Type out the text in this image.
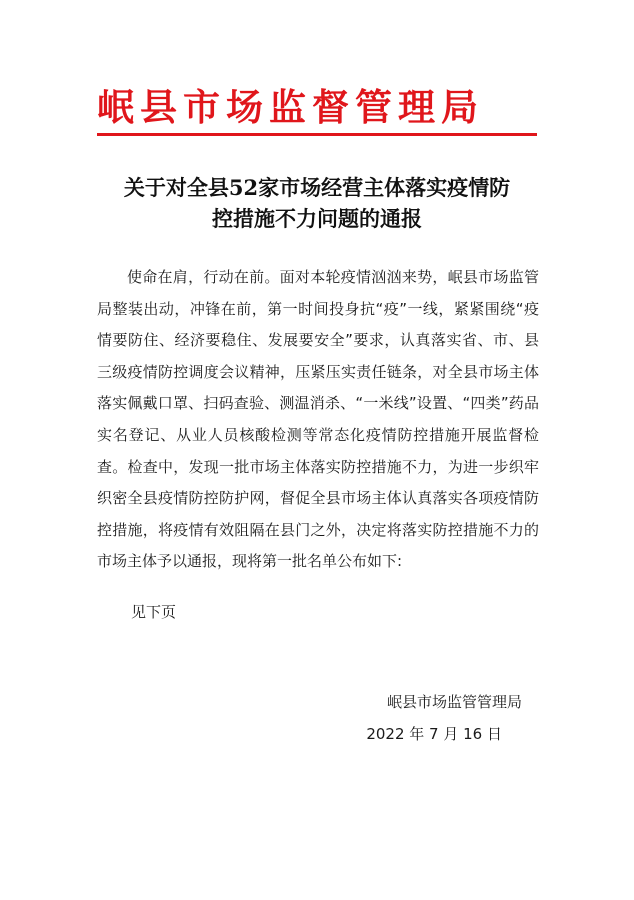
岷县市场监督管理局
关于对全县52家市场经营主体落实疫情防
控措施不力问题的通报

使命在肩，行动在前。面对本轮疫情汹汹来势，岷县市场监管局整装出动，冲锋在前，第一时间投身抗“疫”一线，紧紧围绕“疫情要防住、经济要稳住、发展要安全”要求，认真落实省、市、县三级疫情防控调度会议精神，压紧压实责任链条，对全县市场主体落实佩戴口罩、扫码查验、测温消杀、“一米线”设置、“四类”药品实名登记、从业人员核酸检测等常态化疫情防控措施开展监督检查。检查中，发现一批市场主体落实防控措施不力，为进一步织牢织密全县疫情防控防护网，督促全县市场主体认真落实各项疫情防控措施，将疫情有效阻隔在县门之外，决定将落实防控措施不力的市场主体予以通报，现将第一批名单公布如下:

见下页

岷县市场监管管理局
2022 年 7 月 16 日
